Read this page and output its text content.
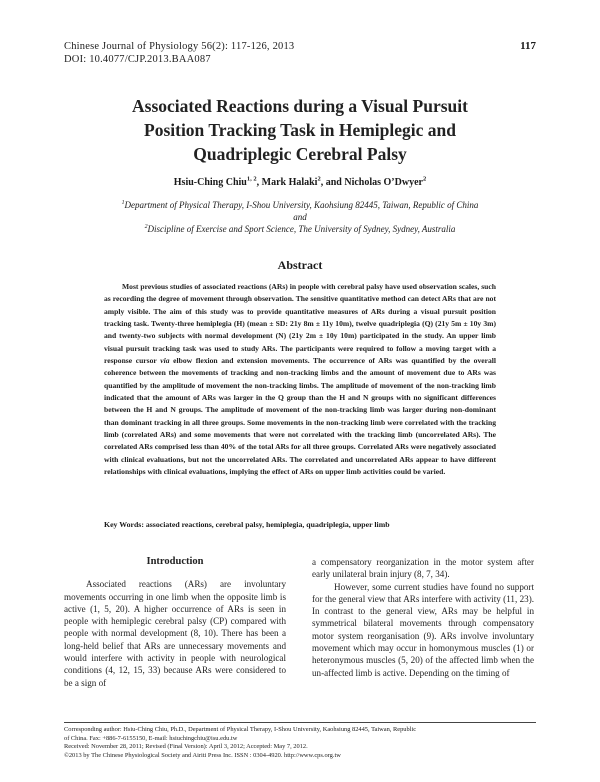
Chinese Journal of Physiology 56(2): 117-126, 2013
DOI: 10.4077/CJP.2013.BAA087
117
Associated Reactions during a Visual Pursuit
Position Tracking Task in Hemiplegic and
Quadriplegic Cerebral Palsy
Hsiu-Ching Chiu$^{1, 2}$, Mark Halaki$^2$, and Nicholas O’Dwyer$^2$
$^1$Department of Physical Therapy, I-Shou University, Kaohsiung 82445, Taiwan, Republic of China
and
$^2$Discipline of Exercise and Sport Science, The University of Sydney, Sydney, Australia
Abstract

Most previous studies of associated reactions (ARs) in people with cerebral palsy have used observation scales, such as recording the degree of movement through observation. The sensitive quantitative method can detect ARs that are not amply visible. The aim of this study was to provide quantitative measures of ARs during a visual pursuit position tracking task. Twenty-three hemiplegia (H) (mean ± SD: 21y 8m ± 11y 10m), twelve quadriplegia (Q) (21y 5m ± 10y 3m) and twenty-two subjects with normal development (N) (21y 2m ± 10y 10m) participated in the study. An upper limb visual pursuit tracking task was used to study ARs. The participants were required to follow a moving target with a response cursor via elbow flexion and extension movements. The occurrence of ARs was quantified by the overall coherence between the movements of tracking and non-tracking limbs and the amount of movement due to ARs was quantified by the amplitude of movement the non-tracking limbs. The amplitude of movement of the non-tracking limb indicated that the amount of ARs was larger in the Q group than the H and N groups with no significant differences between the H and N groups. The amplitude of movement of the non-tracking limb was larger during non-dominant than dominant tracking in all three groups. Some movements in the non-tracking limb were correlated with the tracking limb (correlated ARs) and some movements that were not correlated with the tracking limb (uncorrelated ARs). The correlated ARs comprised less than 40% of the total ARs for all three groups. Correlated ARs were negatively associated with clinical evaluations, but not the uncorrelated ARs. The correlated and uncorrelated ARs appear to have different relationships with clinical evaluations, implying the effect of ARs on upper limb activities could be varied.

Key Words: associated reactions, cerebral palsy, hemiplegia, quadriplegia, upper limb
Introduction

Associated reactions (ARs) are involuntary movements occurring in one limb when the opposite limb is active (1, 5, 20). A higher occurrence of ARs is seen in people with hemiplegic cerebral palsy (CP) compared with people with normal development (8, 10). There has been a long-held belief that ARs are unnecessary movements and would interfere with activity in people with neurological conditions (4, 12, 15, 33) because ARs were considered to be a sign of

a compensatory reorganization in the motor system after early unilateral brain injury (8, 7, 34).

However, some current studies have found no support for the general view that ARs interfere with activity (11, 23). In contrast to the general view, ARs may be helpful in symmetrical bilateral movements through compensatory motor system reorganisation (9). ARs involve involuntary movement which may occur in homonymous muscles (1) or heteronymous muscles (5, 20) of the affected limb when the un-affected limb is active. Depending on the timing of

Corresponding author: Hsiu-Ching Chiu, Ph.D., Department of Physical Therapy, I-Shou University, Kaohsiung 82445, Taiwan, Republic
of China. Fax: +886-7-6155150, E-mail: hsiuchingchiu@isu.edu.tw
Received: November 28, 2011; Revised (Final Version): April 3, 2012; Accepted: May 7, 2012.
©2013 by The Chinese Physiological Society and Airiti Press Inc. ISSN : 0304-4920. http://www.cps.org.tw
